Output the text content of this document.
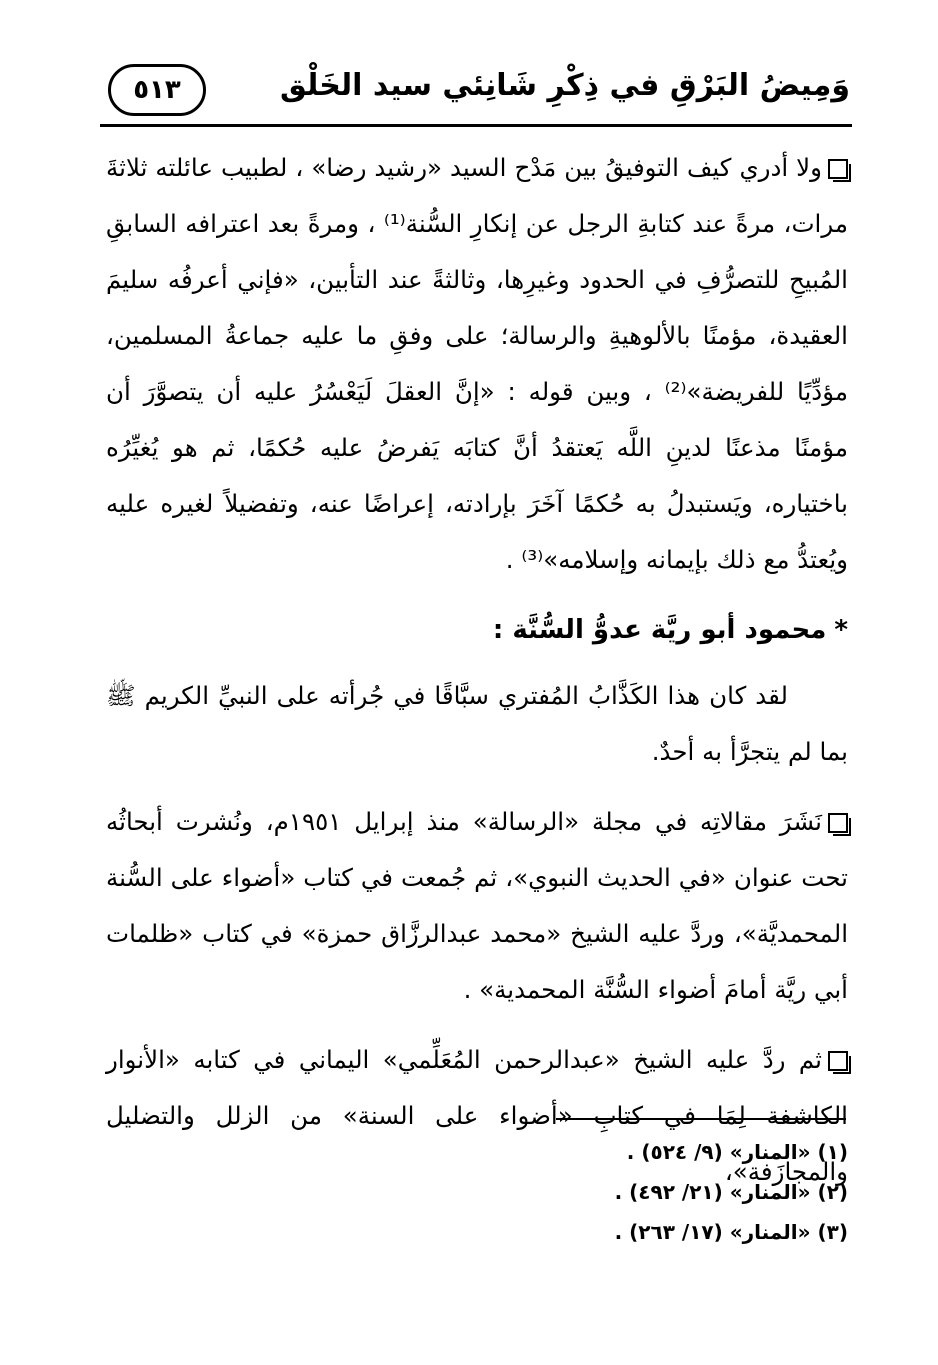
وَمِيضُ البَرْقِ في ذِكْرِ شَانِئي سيد الخَلْق
٥١٣

ولا أدري كيف التوفيقُ بين مَدْح السيد «رشيد رضا» ، لطبيب عائلته ثلاثةَ مرات، مرةً عند كتابةِ الرجل عن إنكارِ السُّنة⁽¹⁾ ، ومرةً بعد اعترافه السابقِ المُبيحِ للتصرُّفِ في الحدود وغيرِها، وثالثةً عند التأبين، «فإني أعرفُه سليمَ العقيدة، مؤمنًا بالألوهيةِ والرسالة؛ على وفقِ ما عليه جماعةُ المسلمين، مؤدِّيًا للفريضة»⁽²⁾ ، وبين قوله : «إنَّ العقلَ لَيَعْسُرُ عليه أن يتصوَّرَ أن مؤمنًا مذعنًا لدينِ اللَّه يَعتقدُ أنَّ كتابَه يَفرضُ عليه حُكمًا، ثم هو يُغيِّرُه باختياره، ويَستبدلُ به حُكمًا آخَرَ بإرادته، إعراضًا عنه، وتفضيلاً لغيره عليه ويُعتدُّ مع ذلك بإيمانه وإسلامه»⁽³⁾ .

*محمود أبو ريَّة عدوُّ السُّنَّة :

لقد كان هذا الكَذَّابُ المُفتري سبَّاقًا في جُرأته على النبيِّ الكريم ﷺ بما لم يتجرَّأ به أحدٌ.

نَشَرَ مقالاتِه في مجلة «الرسالة» منذ إبرايل ١٩٥١م، ونُشرت أبحاثُه تحت عنوان «في الحديث النبوي»، ثم جُمعت في كتاب «أضواء على السُّنة المحمديَّة»، وردَّ عليه الشيخ «محمد عبدالرزَّاق حمزة» في كتاب «ظلمات أبي ريَّة أمامَ أضواء السُّنَّة المحمدية» .

ثم ردَّ عليه الشيخ «عبدالرحمن المُعَلِّمي» اليماني في كتابه «الأنوار الكاشفة لِمَا في كتابِ «أضواء على السنة» من الزلل والتضليل والمجازَفة»،

(١) «المنار» (٩/ ٥٢٤) .

(٢) «المنار» (٢١/ ٤٩٢) .

(٣) «المنار» (١٧/ ٢٦٣) .
